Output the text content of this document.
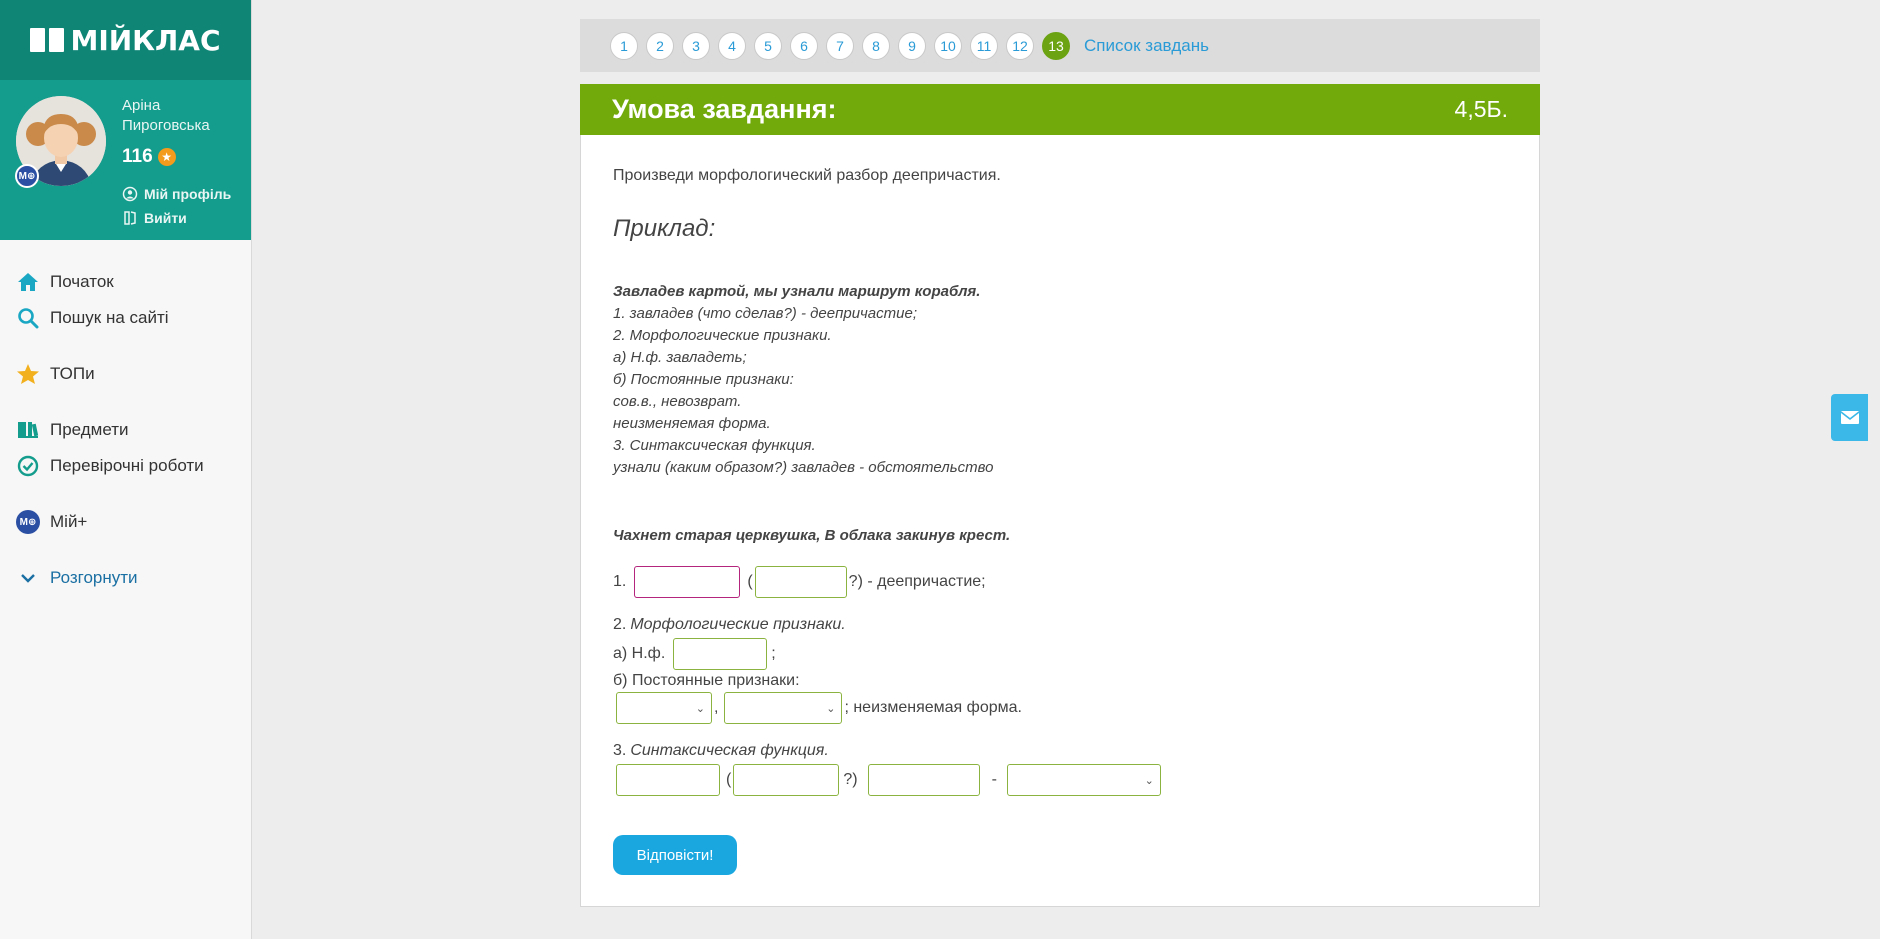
МІЙКЛАС
Аріна Пироговська
116 ★
Мій профіль
Вийти
M⊕
Початок
Пошук на сайті
ТОПи
Предмети
Перевірочні роботи
M⊕ Мій+
Розгорнути
1	2	3	4	5	6	7	8	9	10	11	12	13	Список завдань
Умова завдання:	4,5Б.
Произведи морфологический разбор деепричастия.
Приклад:
Завладев картой, мы узнали маршрут корабля.
1. завладев (что сделав?) - деепричастие;
2. Морфологические признаки.
а) Н.ф. завладеть;
б) Постоянные признаки:
сов.в., невозврат.
неизменяемая форма.
3. Синтаксическая функция.
узнали (каким образом?) завладев - обстоятельство
Чахнет старая церквушка, В облака закинув крест.
1.	(	?) - деепричастие;
2. Морфологические признаки.
а) Н.ф.	;
б) Постоянные признаки:
⌄ ,	⌄ ; неизменяемая форма.
3. Синтаксическая функция.
(	?)	-	⌄
Відповісти!
